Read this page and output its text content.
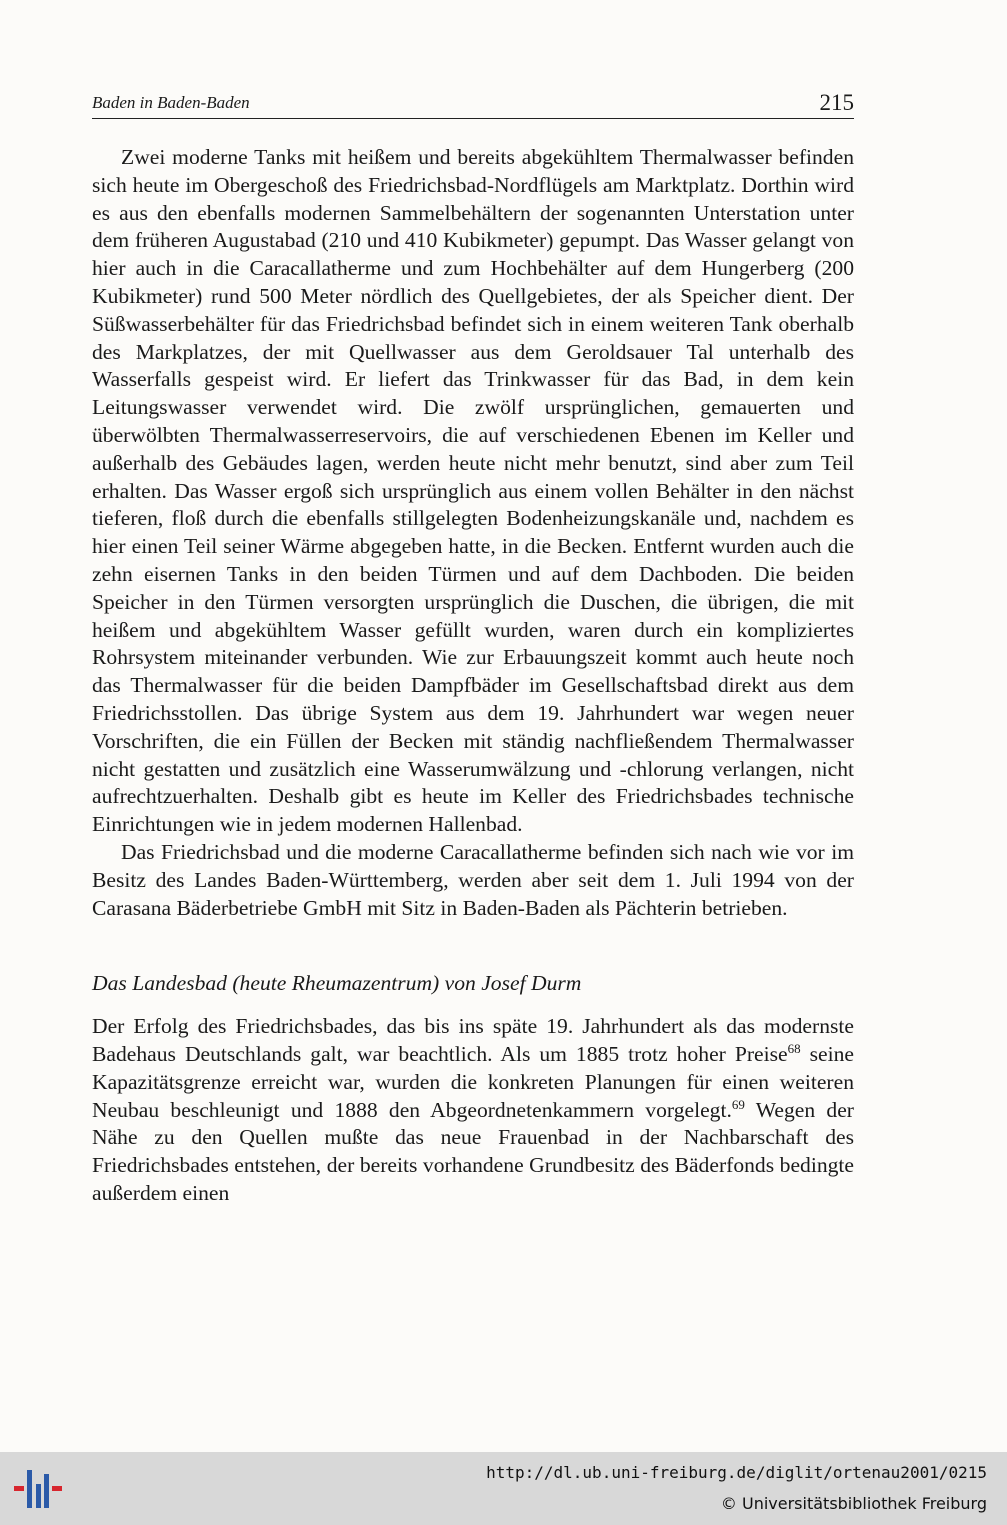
Baden in Baden-Baden	215

Zwei moderne Tanks mit heißem und bereits abgekühltem Thermalwasser befinden sich heute im Obergeschoß des Friedrichsbad-Nordflügels am Marktplatz. Dorthin wird es aus den ebenfalls modernen Sammelbehältern der sogenannten Unterstation unter dem früheren Augustabad (210 und 410 Kubikmeter) gepumpt. Das Wasser gelangt von hier auch in die Caracallatherme und zum Hochbehälter auf dem Hungerberg (200 Kubikmeter) rund 500 Meter nördlich des Quellgebietes, der als Speicher dient. Der Süßwasserbehälter für das Friedrichsbad befindet sich in einem weiteren Tank oberhalb des Markplatzes, der mit Quellwasser aus dem Geroldsauer Tal unterhalb des Wasserfalls gespeist wird. Er liefert das Trinkwasser für das Bad, in dem kein Leitungswasser verwendet wird. Die zwölf ursprünglichen, gemauerten und überwölbten Thermalwasserreservoirs, die auf verschiedenen Ebenen im Keller und außerhalb des Gebäudes lagen, werden heute nicht mehr benutzt, sind aber zum Teil erhalten. Das Wasser ergoß sich ursprünglich aus einem vollen Behälter in den nächst tieferen, floß durch die ebenfalls stillgelegten Bodenheizungskanäle und, nachdem es hier einen Teil seiner Wärme abgegeben hatte, in die Becken. Entfernt wurden auch die zehn eisernen Tanks in den beiden Türmen und auf dem Dachboden. Die beiden Speicher in den Türmen versorgten ursprünglich die Duschen, die übrigen, die mit heißem und abgekühltem Wasser gefüllt wurden, waren durch ein kompliziertes Rohrsystem miteinander verbunden. Wie zur Erbauungszeit kommt auch heute noch das Thermalwasser für die beiden Dampfbäder im Gesellschaftsbad direkt aus dem Friedrichsstollen. Das übrige System aus dem 19. Jahrhundert war wegen neuer Vorschriften, die ein Füllen der Becken mit ständig nachfließendem Thermalwasser nicht gestatten und zusätzlich eine Wasserumwälzung und -chlorung verlangen, nicht aufrechtzuerhalten. Deshalb gibt es heute im Keller des Friedrichsbades technische Einrichtungen wie in jedem modernen Hallenbad.

Das Friedrichsbad und die moderne Caracallatherme befinden sich nach wie vor im Besitz des Landes Baden-Württemberg, werden aber seit dem 1. Juli 1994 von der Carasana Bäderbetriebe GmbH mit Sitz in Baden-Baden als Pächterin betrieben.

Das Landesbad (heute Rheumazentrum) von Josef Durm

Der Erfolg des Friedrichsbades, das bis ins späte 19. Jahrhundert als das modernste Badehaus Deutschlands galt, war beachtlich. Als um 1885 trotz hoher Preise$^{68}$ seine Kapazitätsgrenze erreicht war, wurden die konkreten Planungen für einen weiteren Neubau beschleunigt und 1888 den Abgeordnetenkammern vorgelegt.$^{69}$ Wegen der Nähe zu den Quellen mußte das neue Frauenbad in der Nachbarschaft des Friedrichsbades entstehen, der bereits vorhandene Grundbesitz des Bäderfonds bedingte außerdem einen

http://dl.ub.uni-freiburg.de/diglit/ortenau2001/0215
© Universitätsbibliothek Freiburg
